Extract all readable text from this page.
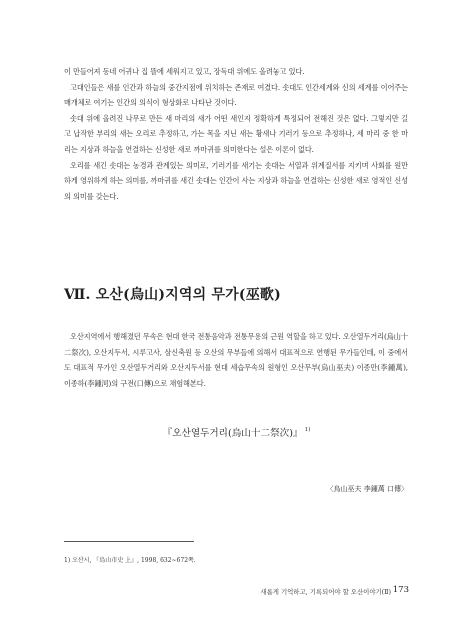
이 만들어져 동네 어귀나 집 뜰에 세워지고 있고, 장독대 위에도 올려놓고 있다.

고대인들은 새를 인간과 하늘의 중간지점에 위치하는 존재로 여겼다. 솟대도 인간세계와 신의 세계를 이어주는 매개체로 여기는 인간의 의식이 형상화로 나타난 것이다.

솟대 위에 올려진 나무로 만든 새 마리의 새가 어떤 새인지 정확하게 특정되어 전해진 것은 없다. 그렇지만 길고 납작한 부리의 새는 오리로 추정하고, 가는 목을 지닌 새는 황새나 기러기 등으로 추정하나, 세 마리 중 한 마리는 지상과 하늘을 연결하는 신성한 새로 까마귀를 의미한다는 설은 이론이 없다.

오리를 새긴 솟대는 농경과 관계있는 의미로, 기러기를 새기는 솟대는 서열과 위계질서를 지키며 사회를 원만하게 영위하게 하는 의미를, 까마귀를 새긴 솟대는 인간이 사는 지상과 하늘을 연결하는 신성한 새로 영적인 신성의 의미를 갖는다.

Ⅶ. 오산(烏山)지역의 무가(巫歌)

오산지역에서 행해졌던 무속은 현대 한국 전통음악과 전통무용의 근원 역할을 하고 있다. 오산열두거리(烏山十二祭次), 오산지두서, 시루고사, 삼신축원 등 오산의 무부들에 의해서 대표적으로 연행된 무가들인데, 이 중에서도 대표적 무가인 오산열두거리와 오산지두서를 현대 세습무속의 원형인 오산무부(烏山巫夫) 이종만(李鍾萬), 이종하(李鍾河)의 구전(口傳)으로 채험해본다.

『오산열두거리(烏山十二祭次)』 $^{1)}$
〈烏山巫夫 李鍾萬 口傳〉
1) 오산시, 『烏山市史 上』, 1998, 632~672쪽.
새롭게 기억하고, 기록되어야 할 오산이야기(Ⅱ) 173
